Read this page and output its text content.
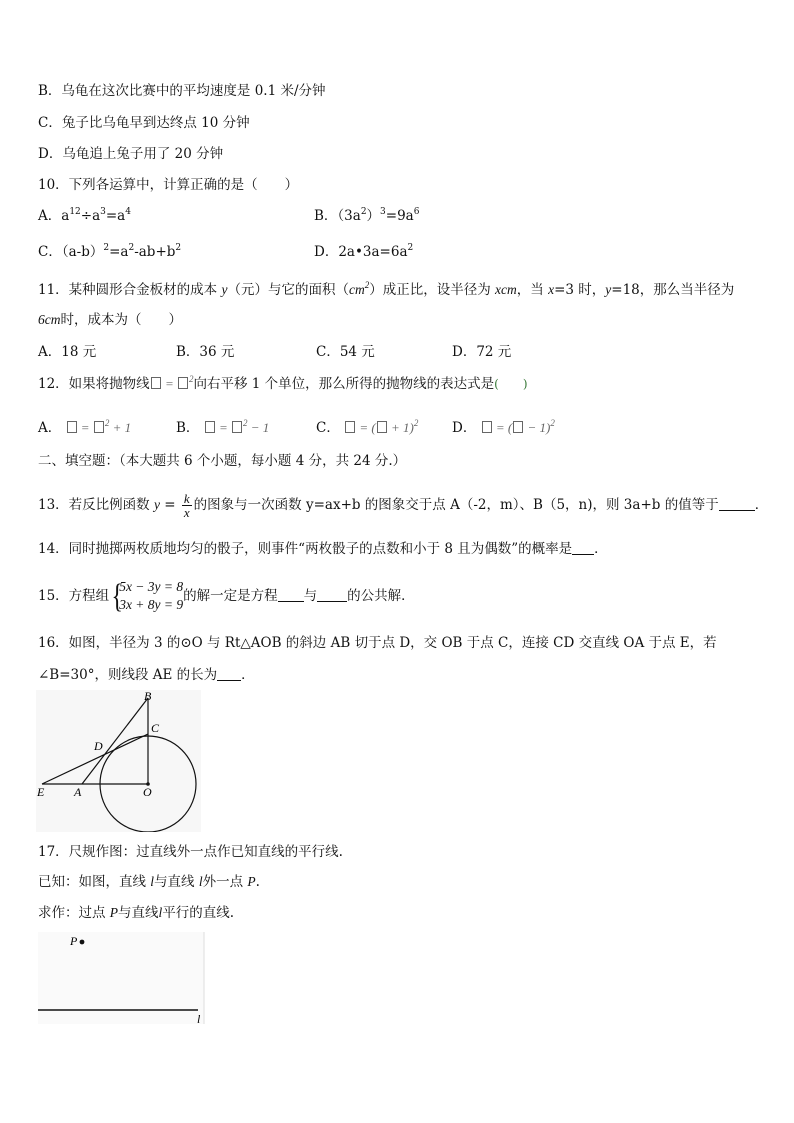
B．乌龟在这次比赛中的平均速度是 0.1 米/分钟
C．兔子比乌龟早到达终点 10 分钟
D．乌龟追上兔子用了 20 分钟
10．下列各运算中，计算正确的是（　　）
A．$a^{12}\div a^3=a^4$	B．$(3a^2)^3=9a^6$
C．$(a-b)^2=a^2-ab+b^2$	D．$2a•3a=6a^2$
11．某种圆形合金板材的成本 y（元）与它的面积$(cm^2)$成正比，设半径为 xcm，当 x=3 时，y=18，那么当半径为
6cm时，成本为（　　）
A．18 元	B．36 元	C．54 元	D．72 元
12．如果将抛物线 = $^2$向右平移 1 个单位，那么所得的抛物线的表达式是(　　)
A． = $^2$ + 1	B． = $^2$ − 1	C． = ( + 1)$^2$ D． = ( − 1)$^2$
二、填空题：（本大题共 6 个小题，每小题 4 分，共 24 分.）
13．若反比例函数 $y = \frac{k}{x}$ 的图象与一次函数 y=ax+b 的图象交于点 A（-2，m）、B（5，n)，则 3a+b 的值等于	．
14．同时抛掷两枚质地均匀的骰子，则事件“两枚骰子的点数和小于 8 且为偶数”的概率是 ．
15．方程组 {
5x − 3y = 8
3x + 8y = 9
的解一定是方程 与 的公共解．
16．如图，半径为 3 的⊙O 与 Rt△AOB 的斜边 AB 切于点 D，交 OB 于点 C，连接 CD 交直线 OA 于点 E，若
∠B=30°，则线段 AE 的长为 ．
B
C
D
E A	O
17．尺规作图：过直线外一点作已知直线的平行线.
已知：如图，直线 l与直线 l外一点 P.
求作：过点 P与直线l平行的直线.
P
l
